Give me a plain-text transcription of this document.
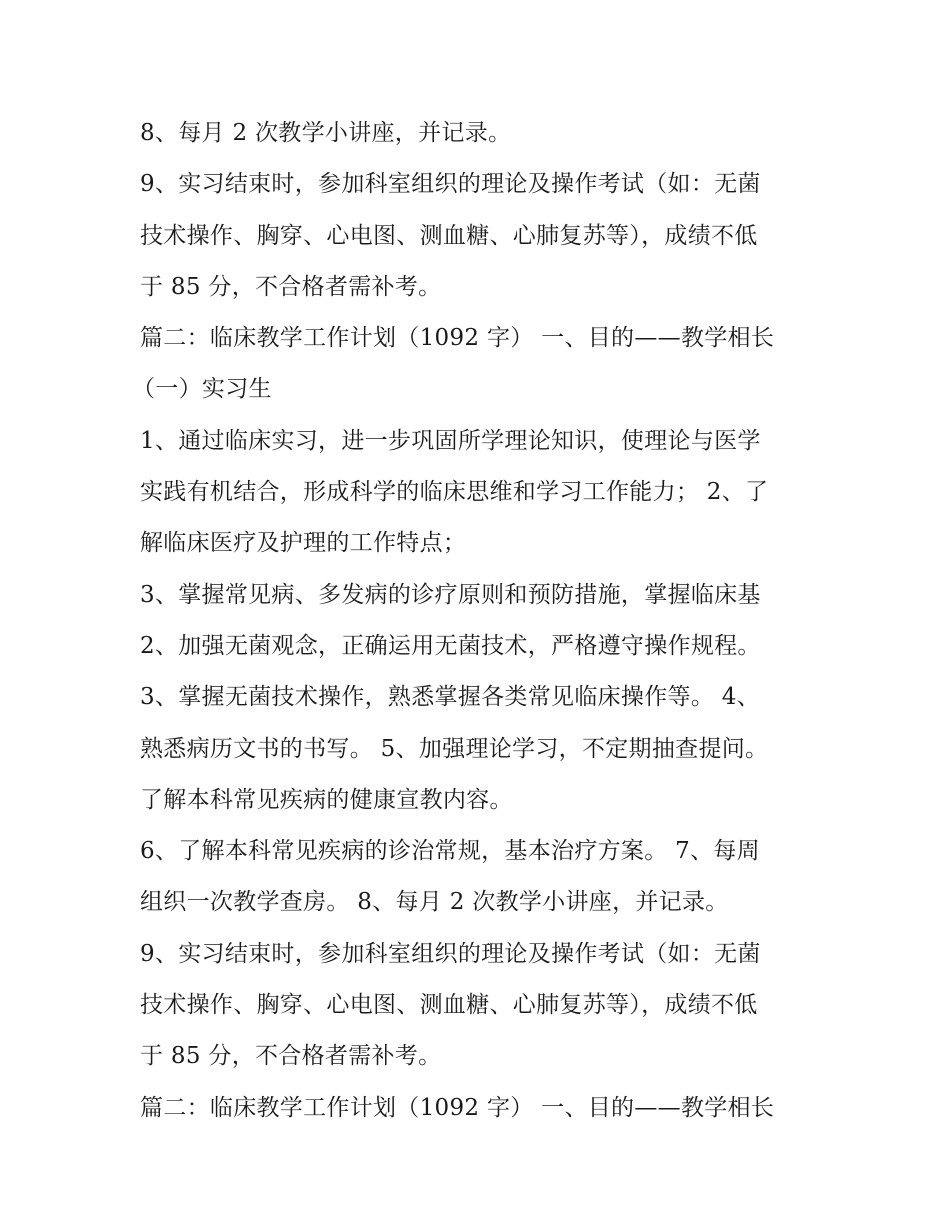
8、每月 2 次教学小讲座，并记录。
9、实习结束时，参加科室组织的理论及操作考试（如：无菌
技术操作、胸穿、心电图、测血糖、心肺复苏等），成绩不低
于 85 分，不合格者需补考。
篇二：临床教学工作计划（1092 字） 一、目的——教学相长
（一）实习生
1、通过临床实习，进一步巩固所学理论知识，使理论与医学
实践有机结合，形成科学的临床思维和学习工作能力； 2、了
解临床医疗及护理的工作特点；
3、掌握常见病、多发病的诊疗原则和预防措施，掌握临床基
2、加强无菌观念，正确运用无菌技术，严格遵守操作规程。
3、掌握无菌技术操作，熟悉掌握各类常见临床操作等。 4、
熟悉病历文书的书写。 5、加强理论学习，不定期抽查提问。
了解本科常见疾病的健康宣教内容。
6、了解本科常见疾病的诊治常规，基本治疗方案。 7、每周
组织一次教学查房。 8、每月 2 次教学小讲座，并记录。
9、实习结束时，参加科室组织的理论及操作考试（如：无菌
技术操作、胸穿、心电图、测血糖、心肺复苏等），成绩不低
于 85 分，不合格者需补考。
篇二：临床教学工作计划（1092 字） 一、目的——教学相长
